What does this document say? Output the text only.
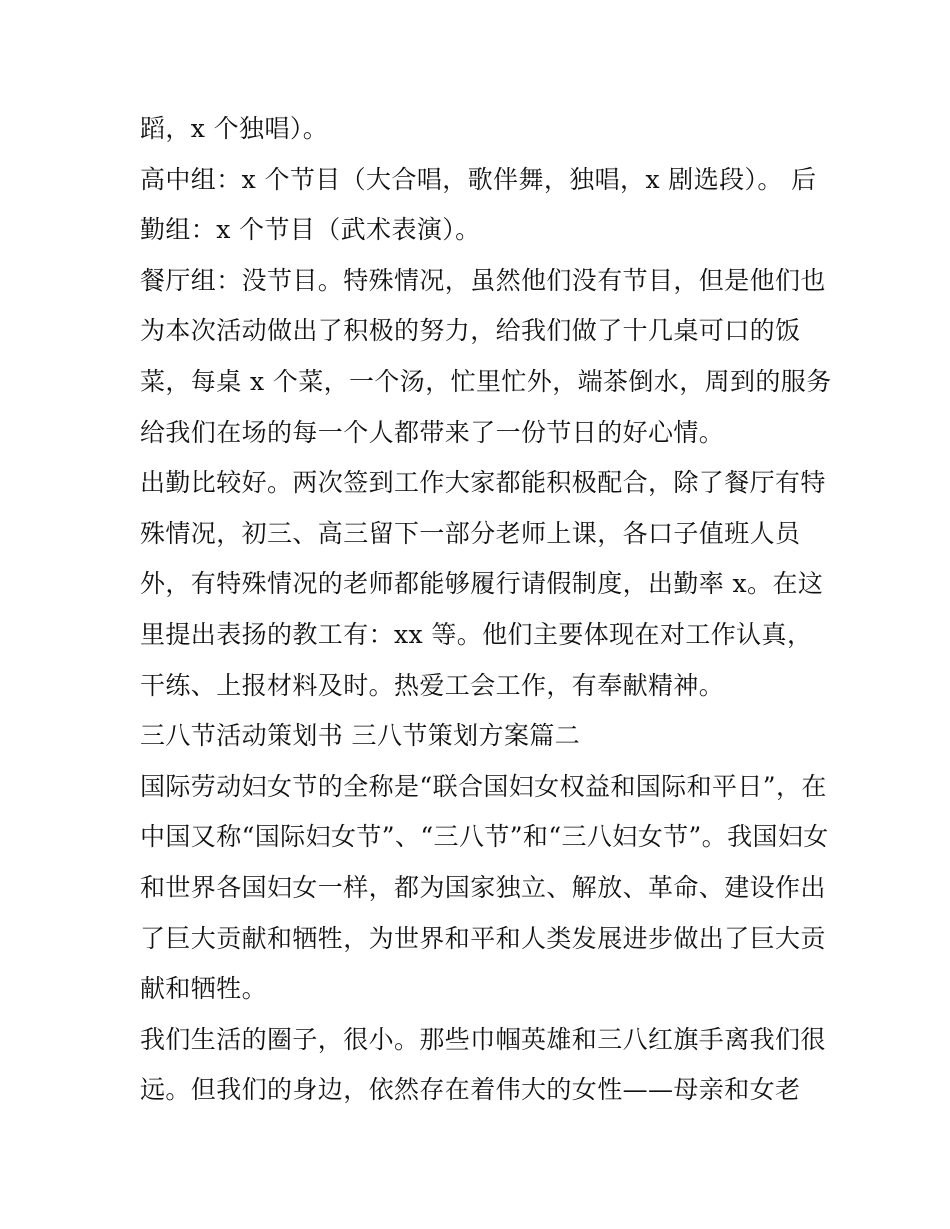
蹈，x 个独唱）。
高中组：x 个节目（大合唱，歌伴舞，独唱，x 剧选段）。 后
勤组：x 个节目（武术表演）。
餐厅组：没节目。特殊情况，虽然他们没有节目，但是他们也
为本次活动做出了积极的努力，给我们做了十几桌可口的饭
菜，每桌 x 个菜，一个汤，忙里忙外，端茶倒水，周到的服务
给我们在场的每一个人都带来了一份节日的好心情。
出勤比较好。两次签到工作大家都能积极配合，除了餐厅有特
殊情况，初三、高三留下一部分老师上课，各口子值班人员
外，有特殊情况的老师都能够履行请假制度，出勤率 x。在这
里提出表扬的教工有：xx 等。他们主要体现在对工作认真，
干练、上报材料及时。热爱工会工作，有奉献精神。
三八节活动策划书 三八节策划方案篇二
国际劳动妇女节的全称是“联合国妇女权益和国际和平日”，在
中国又称“国际妇女节”、“三八节”和“三八妇女节”。我国妇女
和世界各国妇女一样，都为国家独立、解放、革命、建设作出
了巨大贡献和牺牲，为世界和平和人类发展进步做出了巨大贡
献和牺牲。
我们生活的圈子，很小。那些巾帼英雄和三八红旗手离我们很
远。但我们的身边，依然存在着伟大的女性——母亲和女老
